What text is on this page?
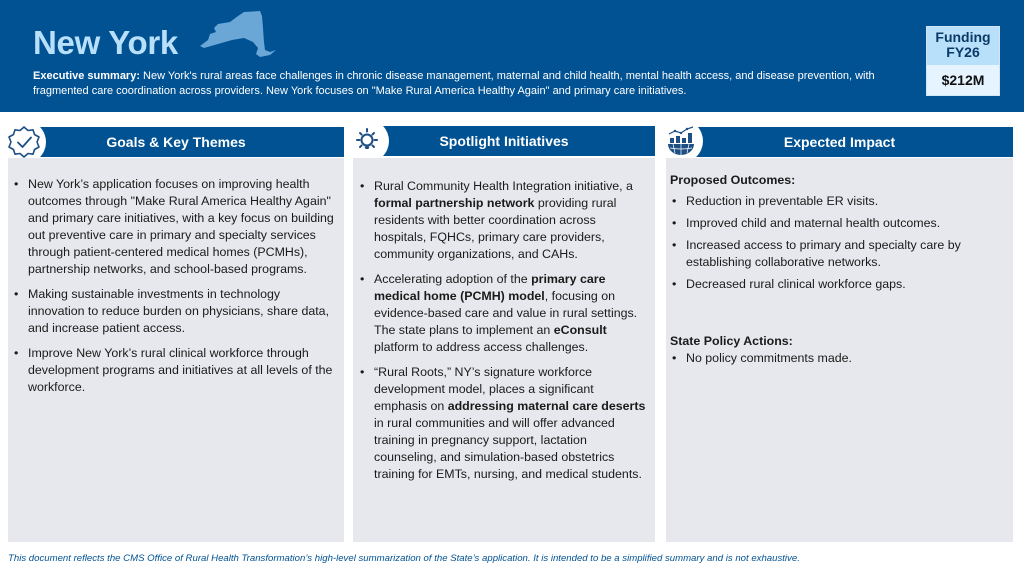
New York
Executive summary: New York's rural areas face challenges in chronic disease management, maternal and child health, mental health access, and disease prevention, with fragmented care coordination across providers. New York focuses on "Make Rural America Healthy Again" and primary care initiatives.
Funding
FY26
$212M
Goals & Key Themes
• New York’s application focuses on improving health outcomes through "Make Rural America Healthy Again" and primary care initiatives, with a key focus on building out preventive care in primary and specialty services through patient-centered medical homes (PCMHs), partnership networks, and school-based programs.
• Making sustainable investments in technology innovation to reduce burden on physicians, share data, and increase patient access.
• Improve New York’s rural clinical workforce through development programs and initiatives at all levels of the workforce.
Spotlight Initiatives
• Rural Community Health Integration initiative, a formal partnership network providing rural residents with better coordination across hospitals, FQHCs, primary care providers, community organizations, and CAHs.
• Accelerating adoption of the primary care medical home (PCMH) model, focusing on evidence-based care and value in rural settings. The state plans to implement an eConsult platform to address access challenges.
• “Rural Roots,” NY’s signature workforce development model, places a significant emphasis on addressing maternal care deserts in rural communities and will offer advanced training in pregnancy support, lactation counseling, and simulation-based obstetrics training for EMTs, nursing, and medical students.
Expected Impact
Proposed Outcomes:
• Reduction in preventable ER visits.
• Improved child and maternal health outcomes.
• Increased access to primary and specialty care by establishing collaborative networks.
• Decreased rural clinical workforce gaps.
State Policy Actions:
• No policy commitments made.
This document reflects the CMS Office of Rural Health Transformation’s high-level summarization of the State’s application. It is intended to be a simplified summary and is not exhaustive.
